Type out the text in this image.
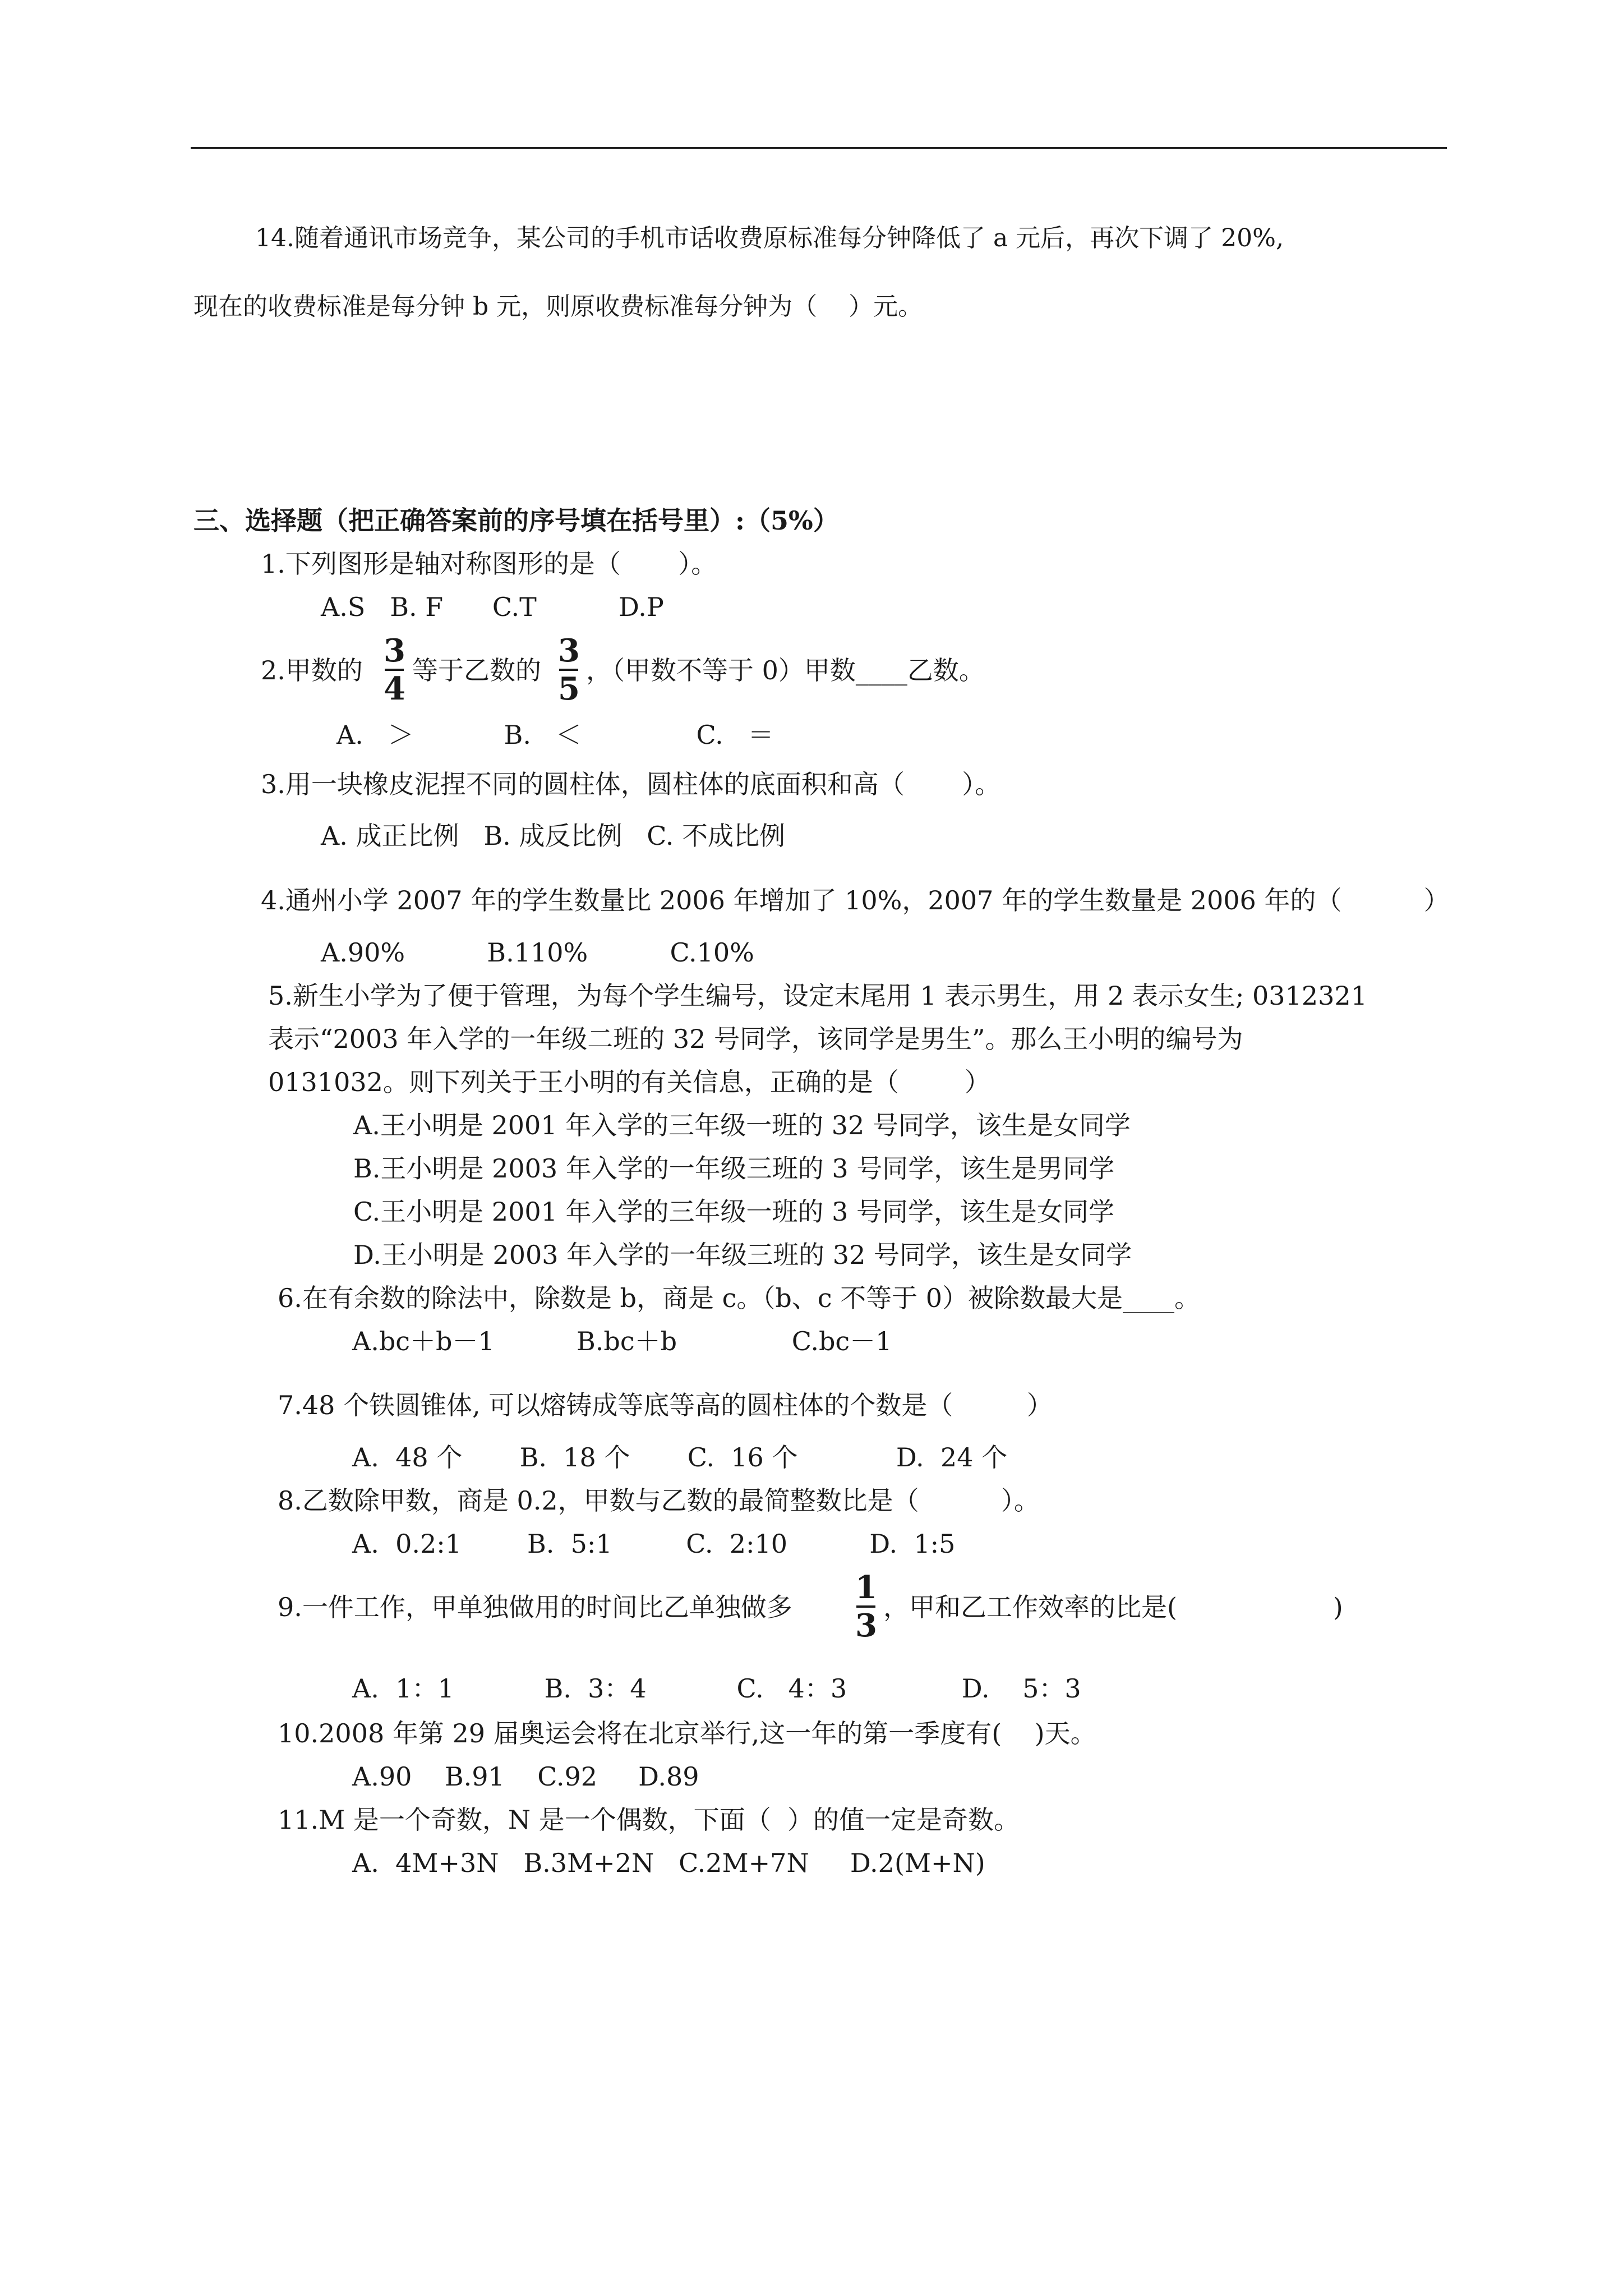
14.随着通讯市场竞争，某公司的手机市话收费原标准每分钟降低了 a 元后，再次下调了 20%,
现在的收费标准是每分钟 b 元，则原收费标准每分钟为（    ）元。
三、选择题（把正确答案前的序号填在括号里）:（5%）
1.下列图形是轴对称图形的是（       ）。
A.S   B. F      C.T          D.P
2.甲数的
3
4 等于乙数的
3
5 ，（甲数不等于 0）甲数____乙数。
A.   ＞           B.   ＜              C.   ＝
3.用一块橡皮泥捏不同的圆柱体，圆柱体的底面积和高（       ）。
A. 成正比例   B. 成反比例   C. 不成比例
4.通州小学 2007 年的学生数量比 2006 年增加了 10%，2007 年的学生数量是 2006 年的（          ）
A.90%          B.110%          C.10%
5.新生小学为了便于管理，为每个学生编号，设定末尾用 1 表示男生，用 2 表示女生; 0312321
表示“2003 年入学的一年级二班的 32 号同学，该同学是男生”。那么王小明的编号为
0131032。则下列关于王小明的有关信息，正确的是（        ）
A.王小明是 2001 年入学的三年级一班的 32 号同学，该生是女同学
B.王小明是 2003 年入学的一年级三班的 3 号同学，该生是男同学
C.王小明是 2001 年入学的三年级一班的 3 号同学，该生是女同学
D.王小明是 2003 年入学的一年级三班的 32 号同学，该生是女同学
6.在有余数的除法中，除数是 b，商是 c。（b、c 不等于 0）被除数最大是____。
A.bc＋b－1          B.bc＋b              C.bc－1
7.48 个铁圆锥体, 可以熔铸成等底等高的圆柱体的个数是（         ）
A.  48 个       B.  18 个       C.  16 个            D.  24 个
8.乙数除甲数，商是 0.2，甲数与乙数的最简整数比是（          ）。
A.  0.2:1        B.  5:1         C.  2:10          D.  1:5
9.一件工作，甲单独做用的时间比乙单独做多
1
3 ，甲和乙工作效率的比是(                   )
A.  1：1           B.  3：4           C.   4：3              D.    5：3
10.2008 年第 29 届奥运会将在北京举行,这一年的第一季度有(    )天。
A.90    B.91    C.92     D.89
11.M 是一个奇数，N 是一个偶数，下面（  ）的值一定是奇数。
A.  4M+3N   B.3M+2N   C.2M+7N     D.2(M+N)
